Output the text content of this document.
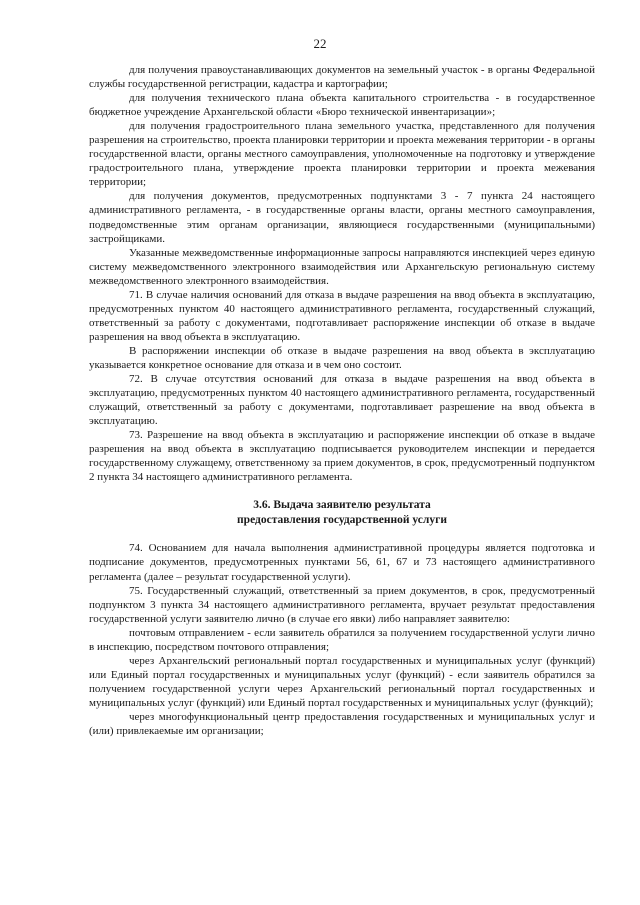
22

для получения правоустанавливающих документов на земельный участок - в органы Федеральной службы государственной регистрации, кадастра и картографии;

для получения технического плана объекта капитального строительства - в государственное бюджетное учреждение Архангельской области «Бюро технической инвентаризации»;

для получения градостроительного плана земельного участка, представленного для получения разрешения на строительство, проекта планировки территории и проекта межевания территории - в органы государственной власти, органы местного самоуправления, уполномоченные на подготовку и утверждение градостроительного плана, утверждение проекта планировки территории и проекта межевания территории;

для получения документов, предусмотренных подпунктами 3 - 7 пункта 24 настоящего административного регламента, - в государственные органы власти, органы местного самоуправления, подведомственные этим органам организации, являющиеся государственными (муниципальными) застройщиками.

Указанные межведомственные информационные запросы направляются инспекцией через единую систему межведомственного электронного взаимодействия или Архангельскую региональную систему межведомственного электронного взаимодействия.

71. В случае наличия оснований для отказа в выдаче разрешения на ввод объекта в эксплуатацию, предусмотренных пунктом 40 настоящего административного регламента, государственный служащий, ответственный за работу с документами, подготавливает распоряжение инспекции об отказе в выдаче разрешения на ввод объекта в эксплуатацию.

В распоряжении инспекции об отказе в выдаче разрешения на ввод объекта в эксплуатацию указывается конкретное основание для отказа и в чем оно состоит.

72. В случае отсутствия оснований для отказа в выдаче разрешения на ввод объекта в эксплуатацию, предусмотренных пунктом 40 настоящего административного регламента, государственный служащий, ответственный за работу с документами, подготавливает разрешение на ввод объекта в эксплуатацию.

73. Разрешение на ввод объекта в эксплуатацию и распоряжение инспекции об отказе в выдаче разрешения на ввод объекта в эксплуатацию подписывается руководителем инспекции и передается государственному служащему, ответственному за прием документов, в срок, предусмотренный подпунктом 2 пункта 34 настоящего административного регламента.

3.6. Выдача заявителю результата
предоставления государственной услуги

74. Основанием для начала выполнения административной процедуры является подготовка и подписание документов, предусмотренных пунктами 56, 61, 67 и 73 настоящего административного регламента (далее – результат государственной услуги).

75. Государственный служащий, ответственный за прием документов, в срок, предусмотренный подпунктом 3 пункта 34 настоящего административного регламента, вручает результат предоставления государственной услуги заявителю лично (в случае его явки) либо направляет заявителю:

почтовым отправлением - если заявитель обратился за получением государственной услуги лично в инспекцию, посредством почтового отправления;

через Архангельский региональный портал государственных и муниципальных услуг (функций) или Единый портал государственных и муниципальных услуг (функций) - если заявитель обратился за получением государственной услуги через Архангельский региональный портал государственных и муниципальных услуг (функций) или Единый портал государственных и муниципальных услуг (функций);

через многофункциональный центр предоставления государственных и муниципальных услуг и (или) привлекаемые им организации;
